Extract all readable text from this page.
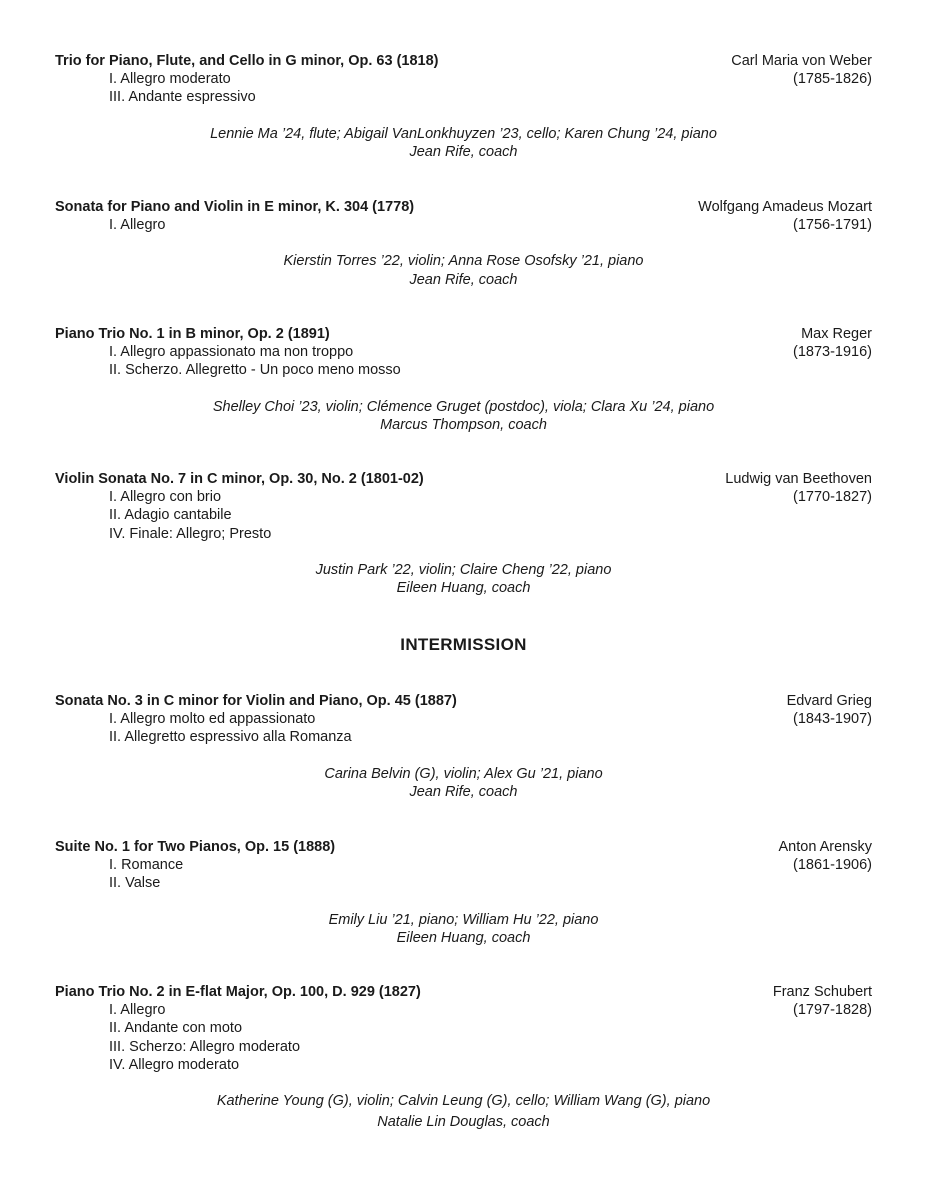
Trio for Piano, Flute, and Cello in G minor, Op. 63 (1818)
I. Allegro moderato
III. Andante espressivo
Carl Maria von Weber
(1785-1826)
Lennie Ma ’24, flute; Abigail VanLonkhuyzen ’23, cello; Karen Chung ’24, piano
Jean Rife, coach
Sonata for Piano and Violin in E minor, K. 304 (1778)
I. Allegro
Wolfgang Amadeus Mozart
(1756-1791)
Kierstin Torres ’22, violin; Anna Rose Osofsky ’21, piano
Jean Rife, coach
Piano Trio No. 1 in B minor, Op. 2 (1891)
I. Allegro appassionato ma non troppo
II. Scherzo. Allegretto - Un poco meno mosso
Max Reger
(1873-1916)
Shelley Choi ’23, violin; Clémence Gruget (postdoc), viola; Clara Xu ’24, piano
Marcus Thompson, coach
Violin Sonata No. 7 in C minor, Op. 30, No. 2 (1801-02)
I. Allegro con brio
II. Adagio cantabile
IV. Finale: Allegro; Presto
Ludwig van Beethoven
(1770-1827)
Justin Park ’22, violin; Claire Cheng ’22, piano
Eileen Huang, coach
INTERMISSION
Sonata No. 3 in C minor for Violin and Piano, Op. 45 (1887)
I. Allegro molto ed appassionato
II. Allegretto espressivo alla Romanza
Edvard Grieg
(1843-1907)
Carina Belvin (G), violin; Alex Gu ’21, piano
Jean Rife, coach
Suite No. 1 for Two Pianos, Op. 15 (1888)
I. Romance
II. Valse
Anton Arensky
(1861-1906)
Emily Liu ’21, piano; William Hu ’22, piano
Eileen Huang, coach
Piano Trio No. 2 in E-flat Major, Op. 100, D. 929 (1827)
I. Allegro
II. Andante con moto
III. Scherzo: Allegro moderato
IV. Allegro moderato
Franz Schubert
(1797-1828)
Katherine Young (G), violin; Calvin Leung (G), cello; William Wang (G), piano
Natalie Lin Douglas, coach
